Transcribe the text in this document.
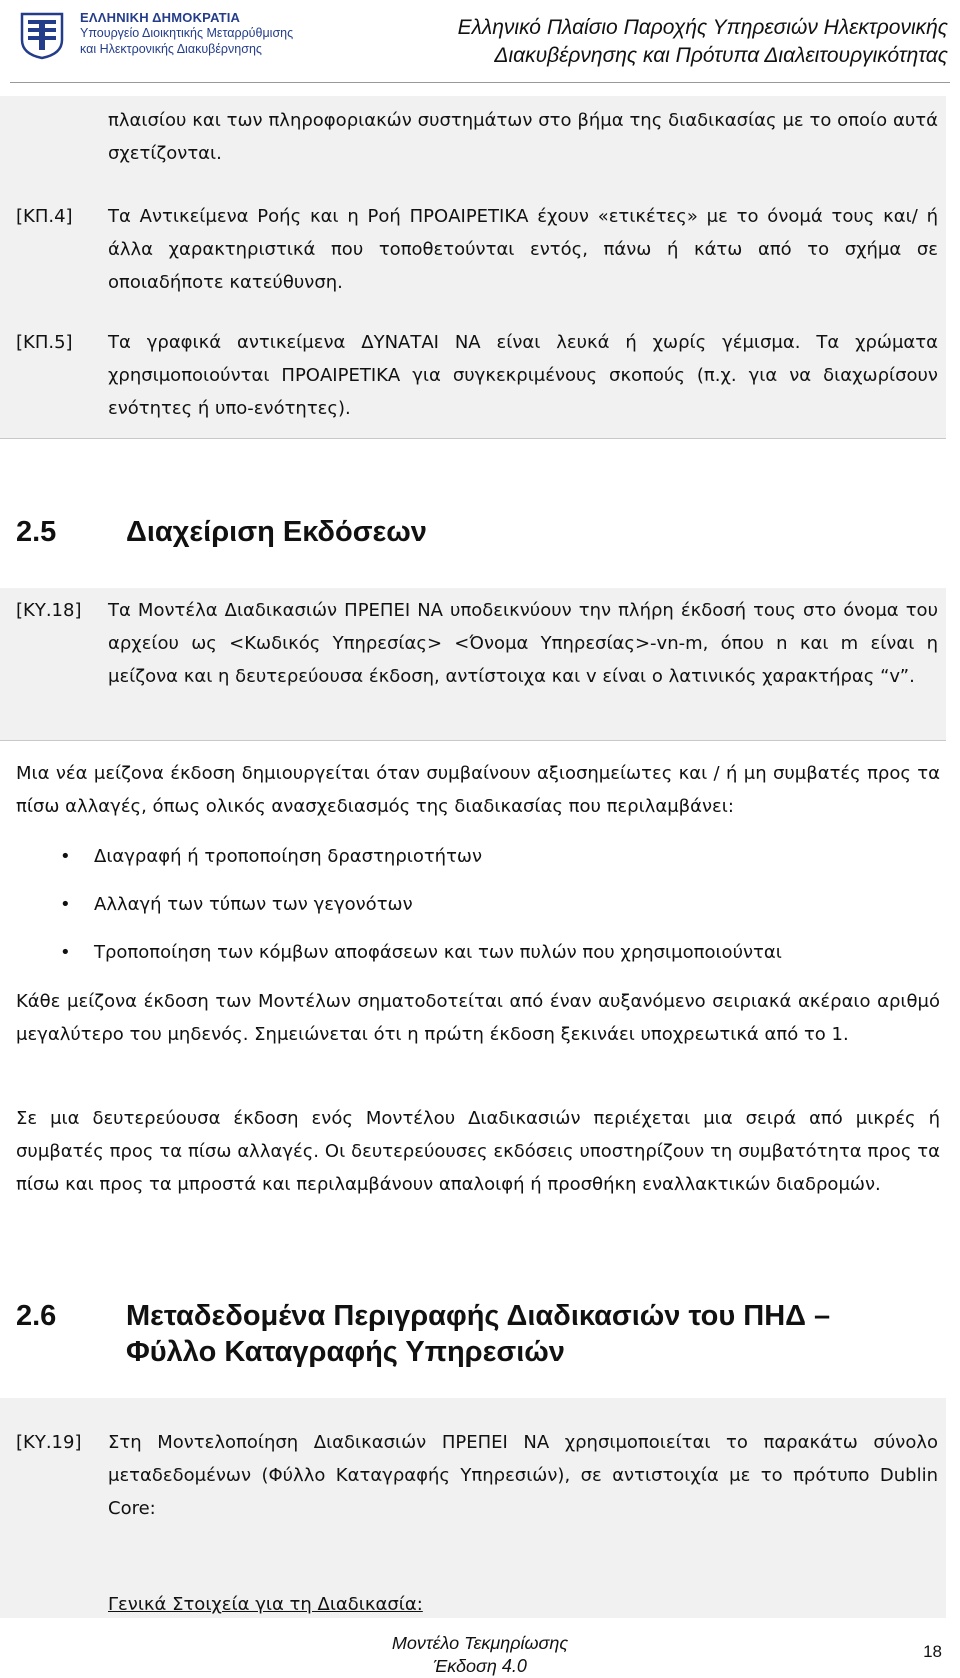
ΕΛΛΗΝΙΚΗ ΔΗΜΟΚΡΑΤΙΑ
Υπουργείο Διοικητικής Μεταρρύθμισης
και Ηλεκτρονικής Διακυβέρνησης
Ελληνικό Πλαίσιο Παροχής Υπηρεσιών Ηλεκτρονικής
Διακυβέρνησης και Πρότυπα Διαλειτουργικότητας
πλαισίου και των πληροφοριακών συστημάτων στο βήμα της διαδικασίας με το οποίο αυτά σχετίζονται.
[ΚΠ.4] Τα Αντικείμενα Ροής και η Ροή ΠΡΟΑΙΡΕΤΙΚΑ έχουν «ετικέτες» με το όνομά τους και/ ή άλλα χαρακτηριστικά που τοποθετούνται εντός, πάνω ή κάτω από το σχήμα σε οποιαδήποτε κατεύθυνση.
[ΚΠ.5] Τα γραφικά αντικείμενα ΔΥΝΑΤΑΙ ΝΑ είναι λευκά ή χωρίς γέμισμα. Τα χρώματα χρησιμοποιούνται ΠΡΟΑΙΡΕΤΙΚΑ για συγκεκριμένους σκοπούς (π.χ. για να διαχωρίσουν ενότητες ή υπο-ενότητες).
2.5 Διαχείριση Εκδόσεων
[ΚΥ.18] Τα Μοντέλα Διαδικασιών ΠΡΕΠΕΙ ΝΑ υποδεικνύουν την πλήρη έκδοσή τους στο όνομα του αρχείου ως <Κωδικός Υπηρεσίας> <Όνομα Υπηρεσίας>-vn-m, όπου n και m είναι η μείζονα και η δευτερεύουσα έκδοση, αντίστοιχα και v είναι ο λατινικός χαρακτήρας “v”.
Μια νέα μείζονα έκδοση δημιουργείται όταν συμβαίνουν αξιοσημείωτες και / ή μη συμβατές προς τα πίσω αλλαγές, όπως ολικός ανασχεδιασμός της διαδικασίας που περιλαμβάνει:
• Διαγραφή ή τροποποίηση δραστηριοτήτων
• Αλλαγή των τύπων των γεγονότων
• Τροποποίηση των κόμβων αποφάσεων και των πυλών που χρησιμοποιούνται
Κάθε μείζονα έκδοση των Μοντέλων σηματοδοτείται από έναν αυξανόμενο σειριακά ακέραιο αριθμό μεγαλύτερο του μηδενός. Σημειώνεται ότι η πρώτη έκδοση ξεκινάει υποχρεωτικά από το 1.
Σε μια δευτερεύουσα έκδοση ενός Μοντέλου Διαδικασιών περιέχεται μια σειρά από μικρές ή συμβατές προς τα πίσω αλλαγές. Οι δευτερεύουσες εκδόσεις υποστηρίζουν τη συμβατότητα προς τα πίσω και προς τα μπροστά και περιλαμβάνουν απαλοιφή ή προσθήκη εναλλακτικών διαδρομών.
2.6 Μεταδεδομένα Περιγραφής Διαδικασιών του ΠΗΔ –
Φύλλο Καταγραφής Υπηρεσιών
[ΚΥ.19] Στη Μοντελοποίηση Διαδικασιών ΠΡΕΠΕΙ ΝΑ χρησιμοποιείται το παρακάτω σύνολο μεταδεδομένων (Φύλλο Καταγραφής Υπηρεσιών), σε αντιστοιχία με το πρότυπο Dublin Core:
Γενικά Στοιχεία για τη Διαδικασία:
Μοντέλο Τεκμηρίωσης
Έκδοση 4.0
18
